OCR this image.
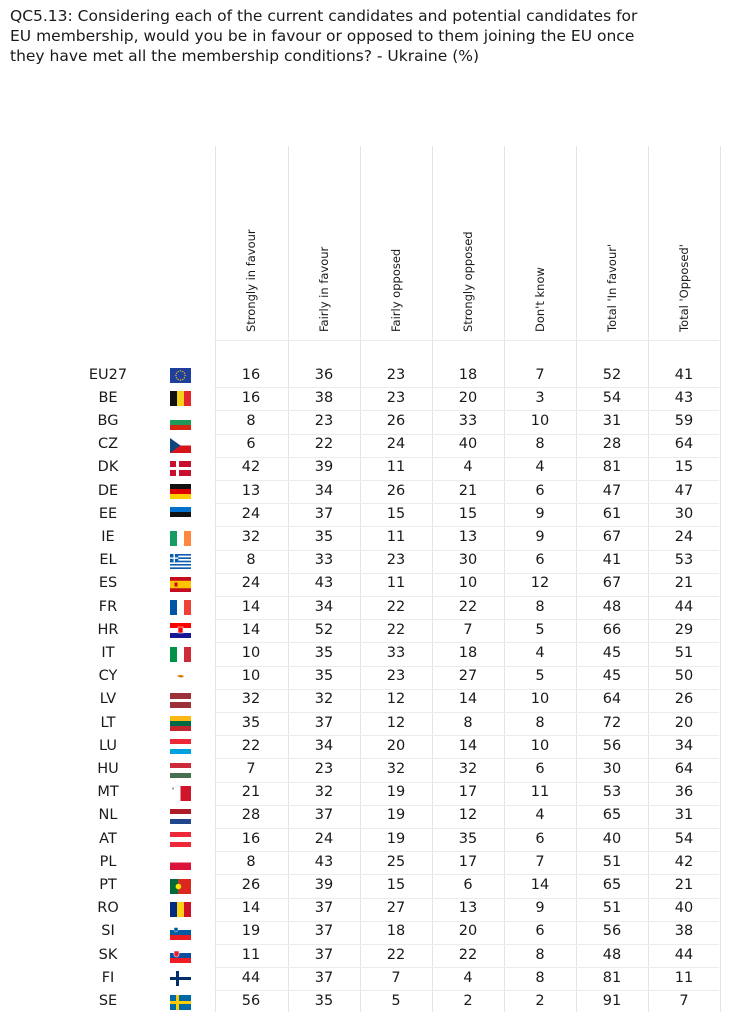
QC5.13: Considering each of the current candidates and potential candidates for EU membership, would you be in favour or opposed to them joining the EU once they have met all the membership conditions? - Ukraine (%)
Strongly in favour	Fairly in favour	Fairly opposed	Strongly opposed	Don't know	Total 'In favour'	Total 'Opposed'
EU27	16	36	23	18	7	52	41
BE	16	38	23	20	3	54	43
BG	8	23	26	33	10	31	59
CZ	6	22	24	40	8	28	64
DK	42	39	11	4	4	81	15
DE	13	34	26	21	6	47	47
EE	24	37	15	15	9	61	30
IE	32	35	11	13	9	67	24
EL	8	33	23	30	6	41	53
ES	24	43	11	10	12	67	21
FR	14	34	22	22	8	48	44
HR	14	52	22	7	5	66	29
IT	10	35	33	18	4	45	51
CY	10	35	23	27	5	45	50
LV	32	32	12	14	10	64	26
LT	35	37	12	8	8	72	20
LU	22	34	20	14	10	56	34
HU	7	23	32	32	6	30	64
MT	21	32	19	17	11	53	36
NL	28	37	19	12	4	65	31
AT	16	24	19	35	6	40	54
PL	8	43	25	17	7	51	42
PT	26	39	15	6	14	65	21
RO	14	37	27	13	9	51	40
SI	19	37	18	20	6	56	38
SK	11	37	22	22	8	48	44
FI	44	37	7	4	8	81	11
SE	56	35	5	2	2	91	7
